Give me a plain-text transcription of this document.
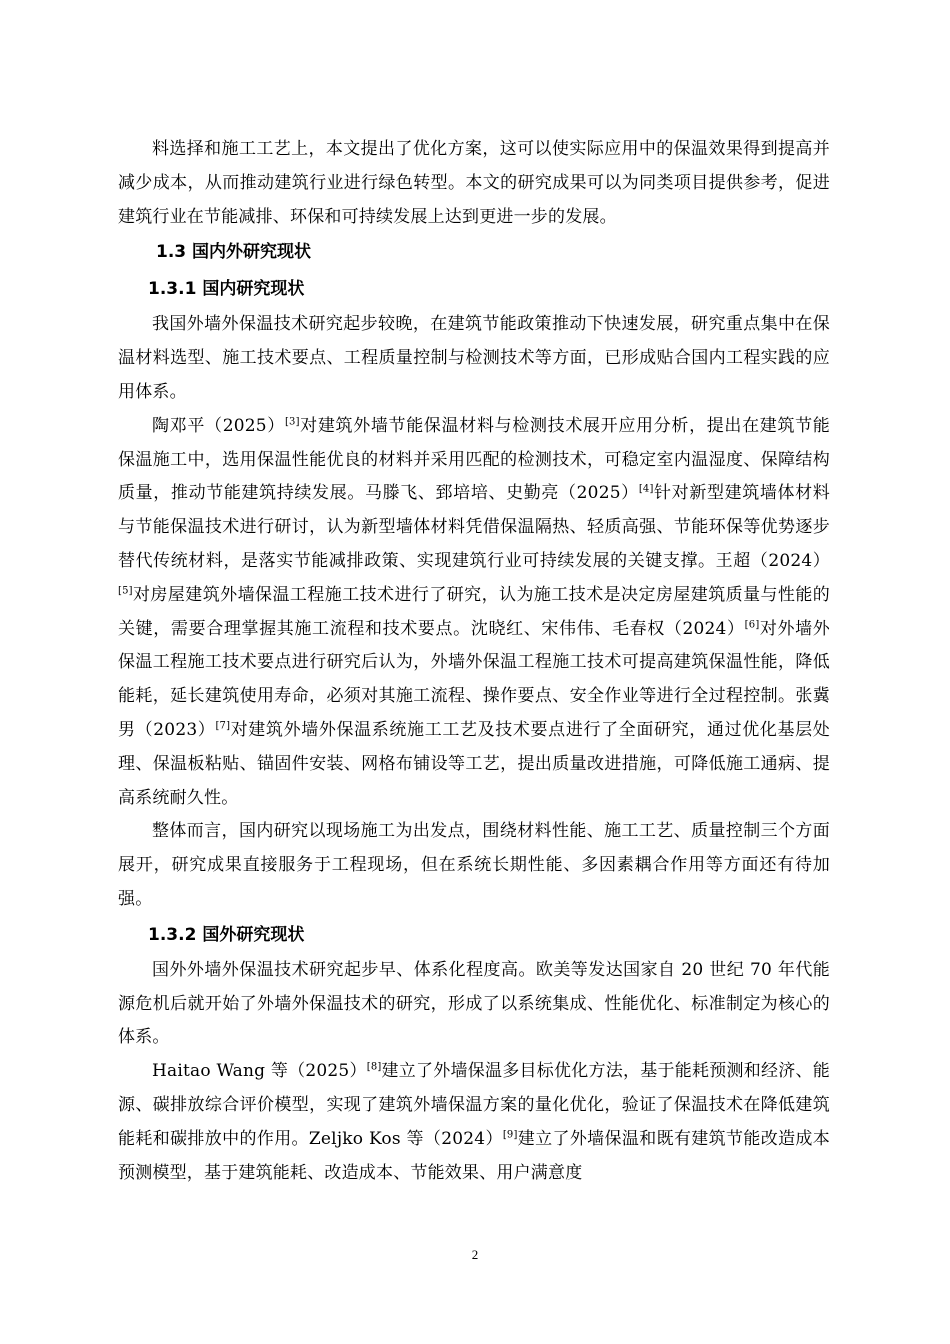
料选择和施工工艺上，本文提出了优化方案，这可以使实际应用中的保温效果得到提高并减少成本，从而推动建筑行业进行绿色转型。本文的研究成果可以为同类项目提供参考，促进建筑行业在节能减排、环保和可持续发展上达到更进一步的发展。

1.3 国内外研究现状
1.3.1 国内研究现状

我国外墙外保温技术研究起步较晚，在建筑节能政策推动下快速发展，研究重点集中在保温材料选型、施工技术要点、工程质量控制与检测技术等方面，已形成贴合国内工程实践的应用体系。

陶邓平（2025）[3]对建筑外墙节能保温材料与检测技术展开应用分析，提出在建筑节能保温施工中，选用保温性能优良的材料并采用匹配的检测技术，可稳定室内温湿度、保障结构质量，推动节能建筑持续发展。马滕飞、郅培培、史勤亮（2025）[4]针对新型建筑墙体材料与节能保温技术进行研讨，认为新型墙体材料凭借保温隔热、轻质高强、节能环保等优势逐步替代传统材料，是落实节能减排政策、实现建筑行业可持续发展的关键支撑。王超（2024）[5]对房屋建筑外墙保温工程施工技术进行了研究，认为施工技术是决定房屋建筑质量与性能的关键，需要合理掌握其施工流程和技术要点。沈晓红、宋伟伟、毛春权（2024）[6]对外墙外保温工程施工技术要点进行研究后认为，外墙外保温工程施工技术可提高建筑保温性能，降低能耗，延长建筑使用寿命，必须对其施工流程、操作要点、安全作业等进行全过程控制。张冀男（2023）[7]对建筑外墙外保温系统施工工艺及技术要点进行了全面研究，通过优化基层处理、保温板粘贴、锚固件安装、网格布铺设等工艺，提出质量改进措施，可降低施工通病、提高系统耐久性。

整体而言，国内研究以现场施工为出发点，围绕材料性能、施工工艺、质量控制三个方面展开，研究成果直接服务于工程现场，但在系统长期性能、多因素耦合作用等方面还有待加强。

1.3.2 国外研究现状

国外外墙外保温技术研究起步早、体系化程度高。欧美等发达国家自 20 世纪 70 年代能源危机后就开始了外墙外保温技术的研究，形成了以系统集成、性能优化、标准制定为核心的体系。

Haitao Wang 等（2025）[8]建立了外墙保温多目标优化方法，基于能耗预测和经济、能源、碳排放综合评价模型，实现了建筑外墙保温方案的量化优化，验证了保温技术在降低建筑能耗和碳排放中的作用。Zeljko Kos 等（2024）[9]建立了外墙保温和既有建筑节能改造成本预测模型，基于建筑能耗、改造成本、节能效果、用户满意度

2
